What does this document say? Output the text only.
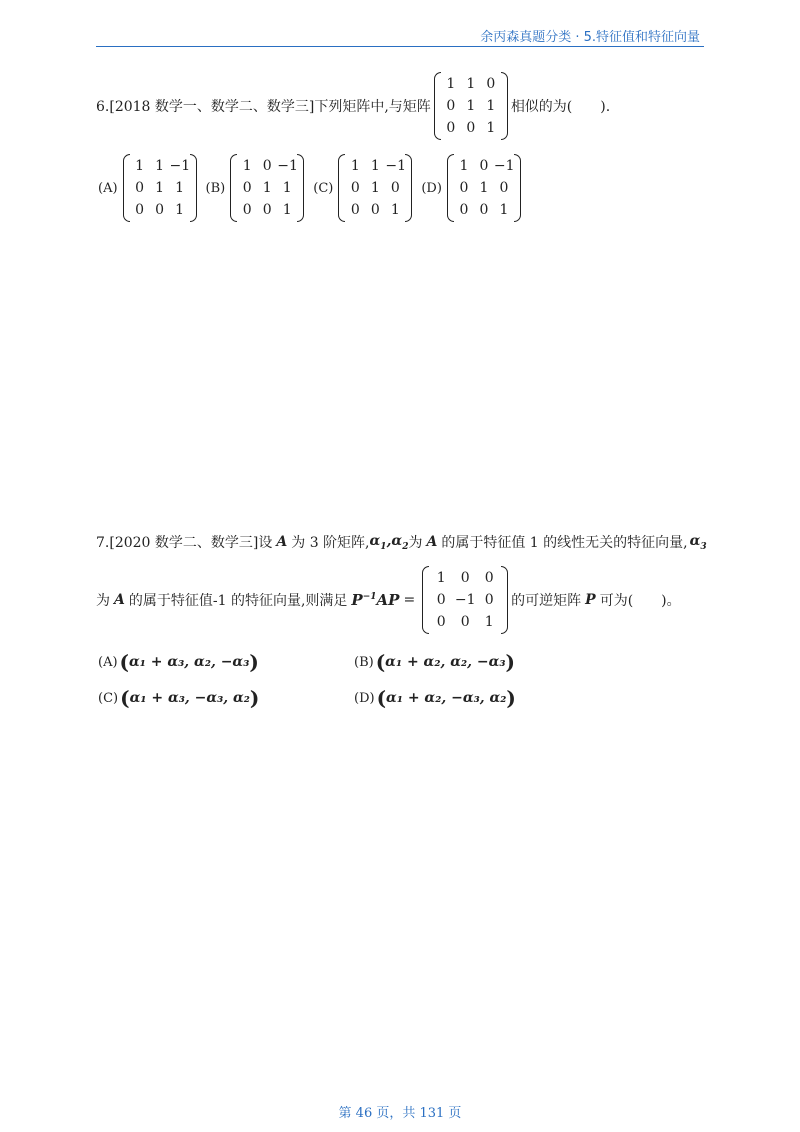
余丙森真题分类 · 5.特征值和特征向量
6.[2018 数学一、数学二、数学三]下列矩阵中,与矩阵
1 1 0
0 1 1
0 0 1
相似的为(　　).
(A)
1 1 −1
0 1 1
0 0 1
(B)
1 0 −1
0 1 1
0 0 1
(C)
1 1 −1
0 1 0
0 0 1
(D)
1 0 −1
0 1 0
0 0 1
7.[2020 数学二、数学三]设 A 为 3 阶矩阵, $\alpha_1,\alpha_2$ 为 A 的属于特征值 1 的线性无关的特征向量, $\alpha_3$
为 A 的属于特征值-1 的特征向量,则满足 $P^{-1}$ AP =
1	0	0
0 −1 0
0	0	1
的可逆矩阵 P 可为(　　)。
(A) ( α₁ + α₃, α₂, −α₃ )	(B) ( α₁ + α₂, α₂, −α₃ )
(C) ( α₁ + α₃, −α₃, α₂ )	(D) ( α₁ + α₂, −α₃, α₂ )
第 46 页，共 131 页
